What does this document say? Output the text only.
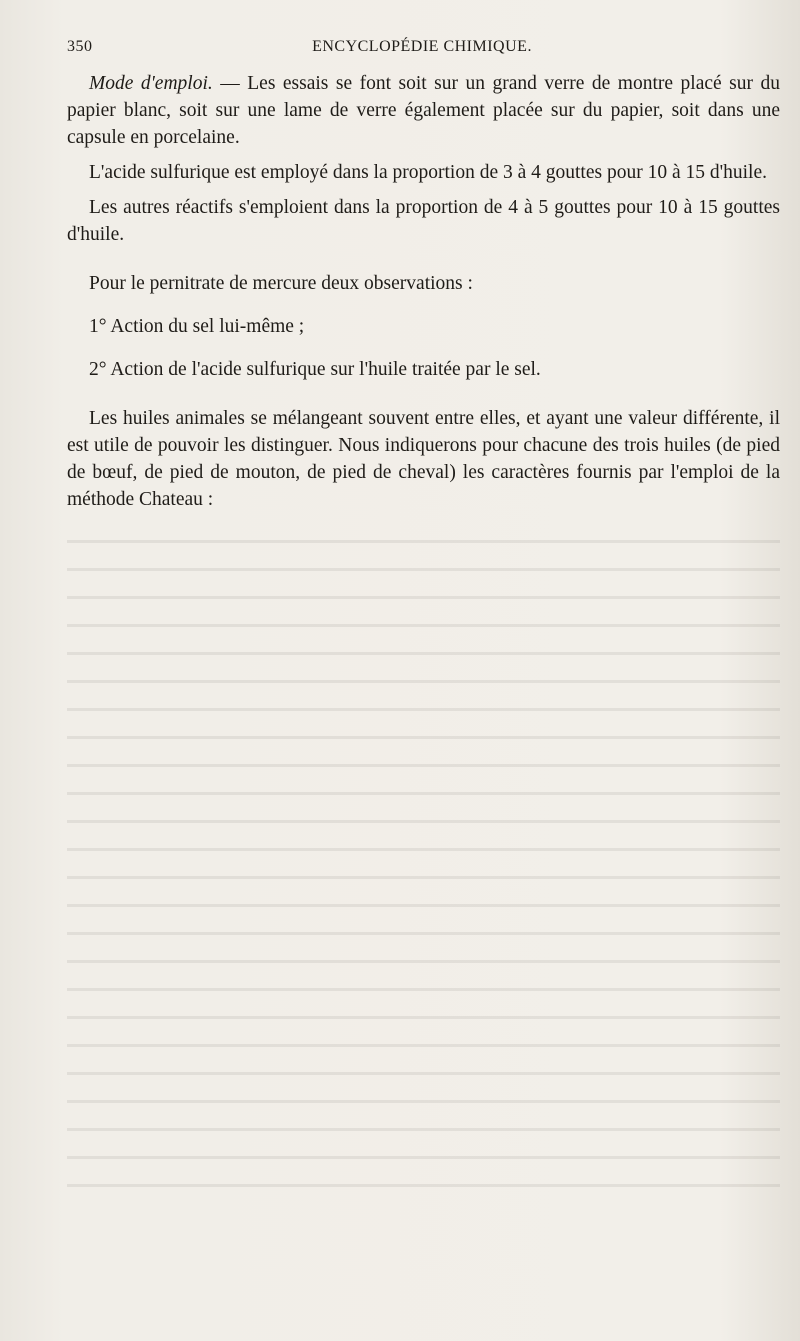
350	ENCYCLOPÉDIE CHIMIQUE.

Mode d'emploi. — Les essais se font soit sur un grand verre de montre placé sur du papier blanc, soit sur une lame de verre également placée sur du papier, soit dans une capsule en porcelaine.

L'acide sulfurique est employé dans la proportion de 3 à 4 gouttes pour 10 à 15 d'huile.

Les autres réactifs s'emploient dans la proportion de 4 à 5 gouttes pour 10 à 15 gouttes d'huile.

Pour le pernitrate de mercure deux observations :

1° Action du sel lui-même ;

2° Action de l'acide sulfurique sur l'huile traitée par le sel.

Les huiles animales se mélangeant souvent entre elles, et ayant une valeur différente, il est utile de pouvoir les distinguer. Nous indiquerons pour chacune des trois huiles (de pied de bœuf, de pied de mouton, de pied de cheval) les caractères fournis par l'emploi de la méthode Chateau :
